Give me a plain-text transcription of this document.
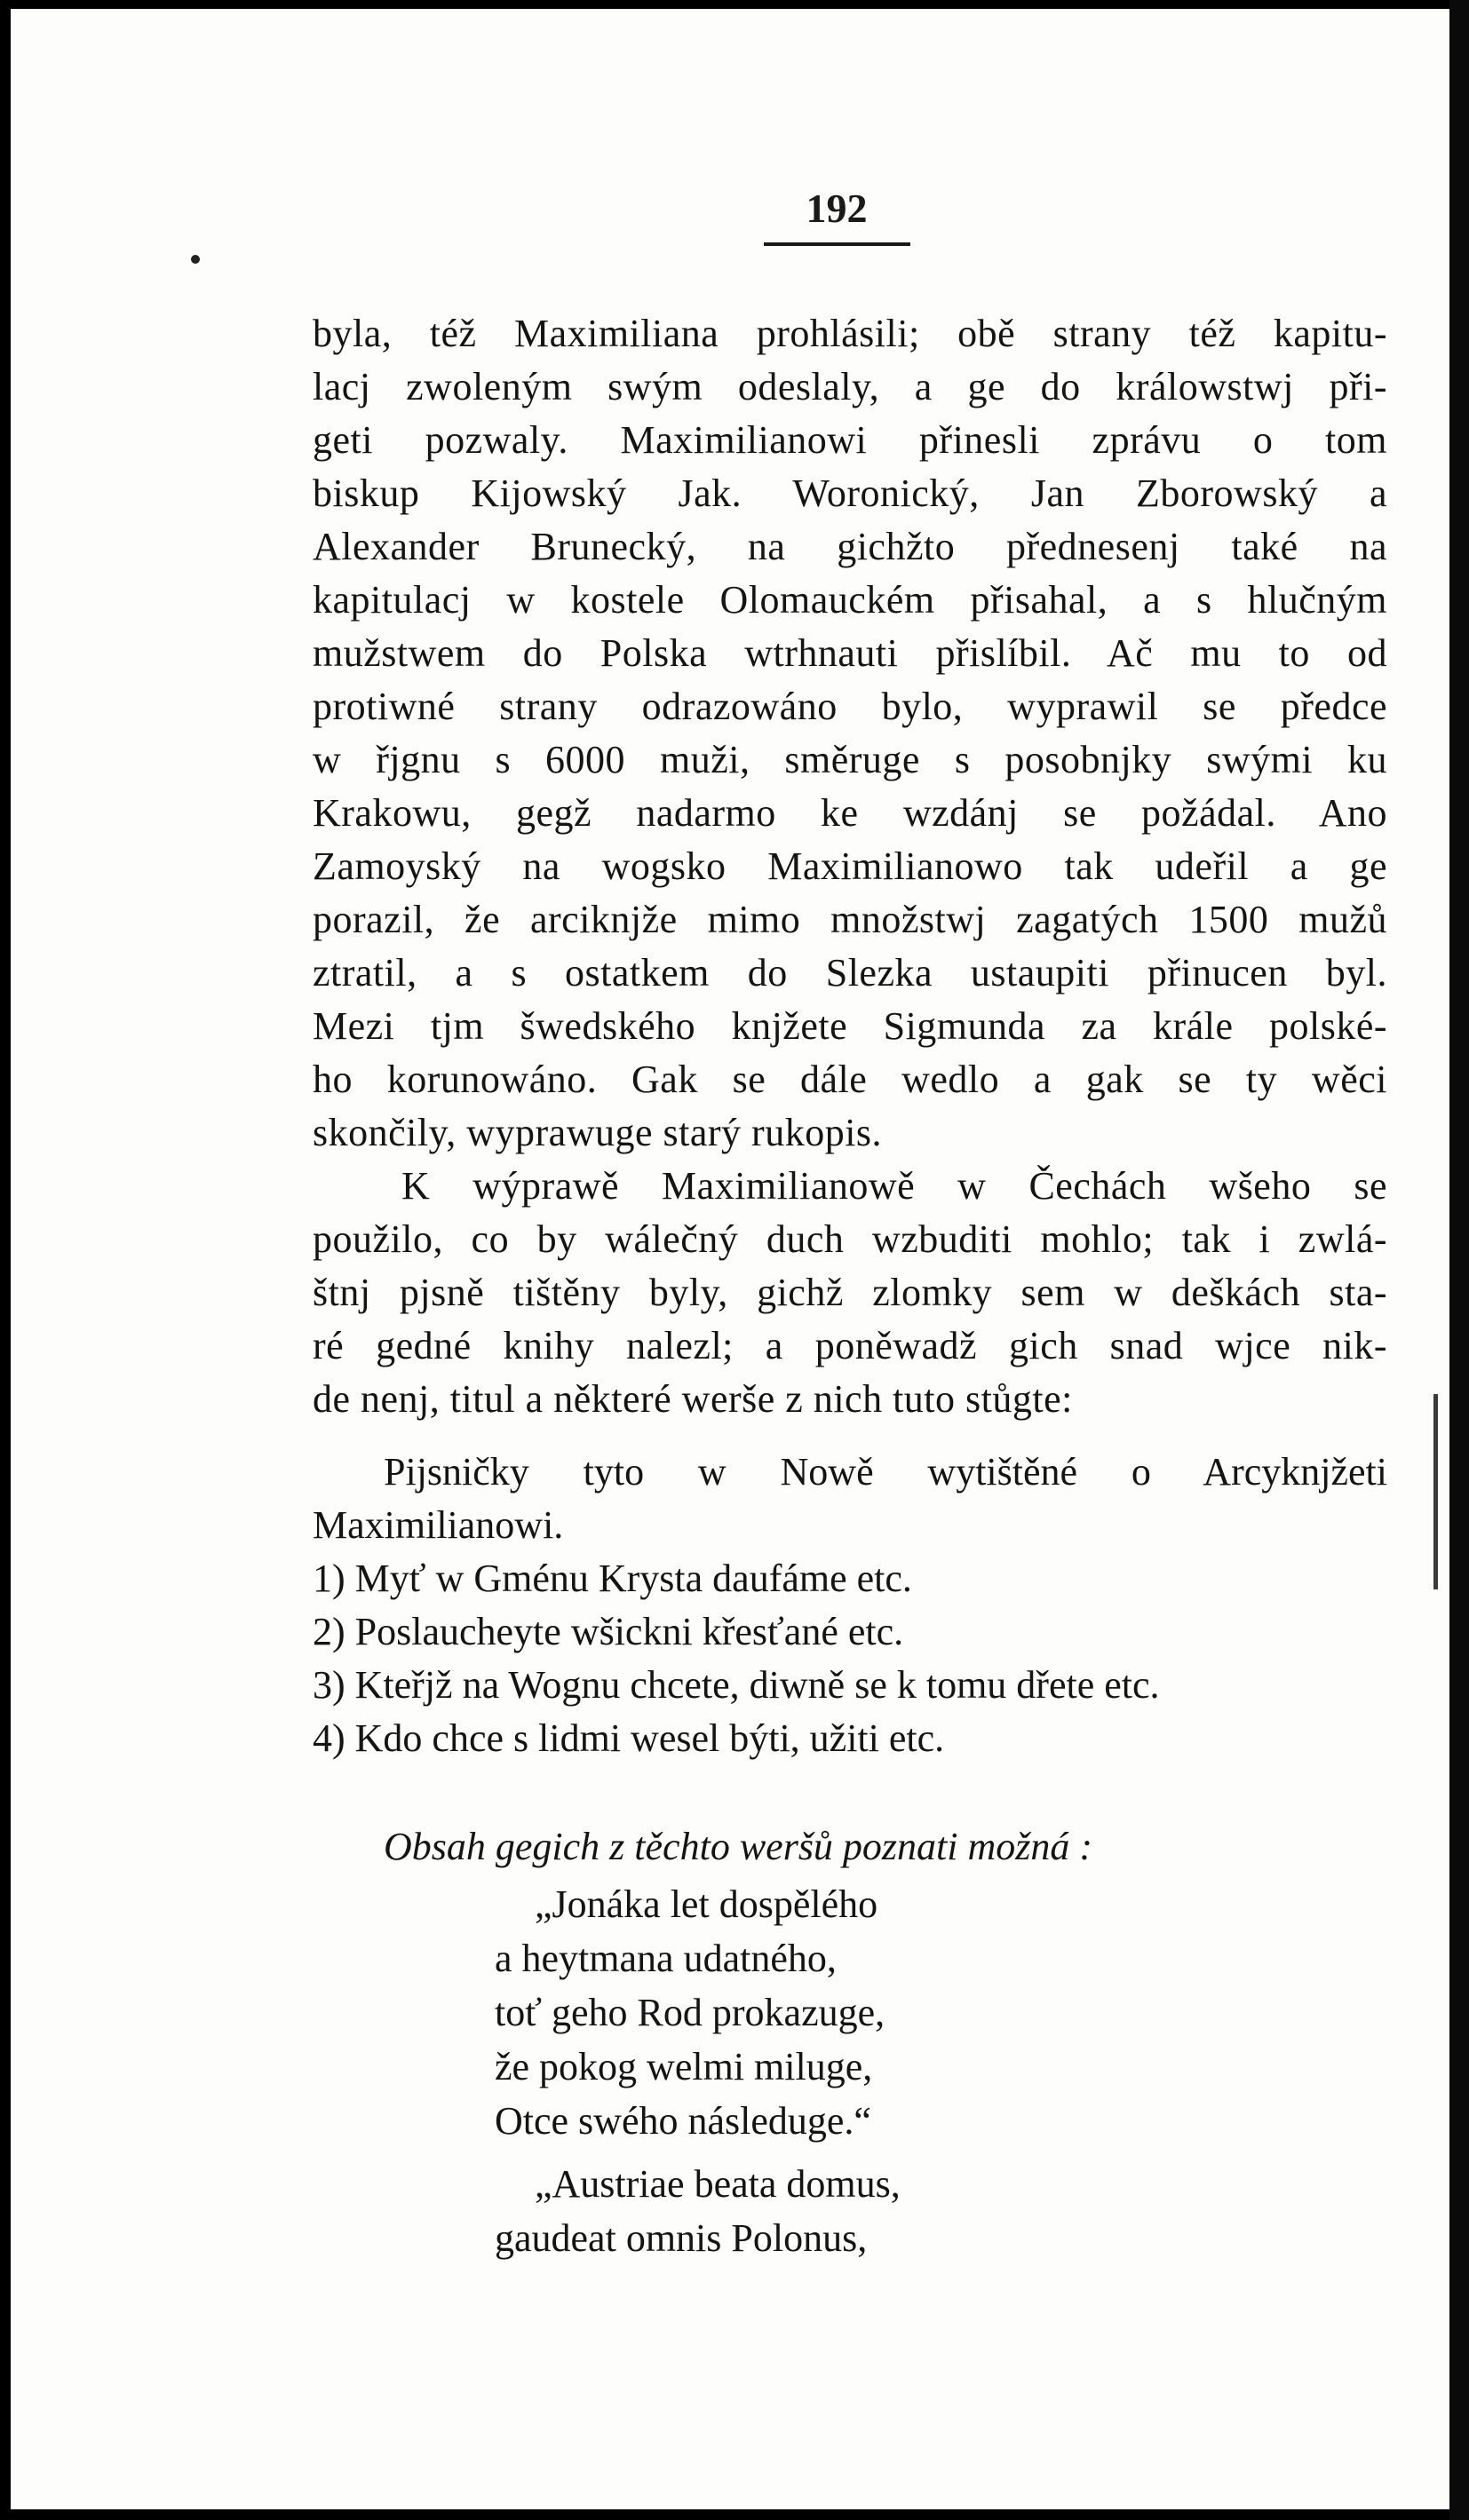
192
byla, též Maximiliana prohlásili; obě strany též kapitu-
lacj zwoleným swým odeslaly, a ge do králowstwj při-
geti pozwaly. Maximilianowi přinesli zprávu o tom
biskup Kijowský Jak. Woronický, Jan Zborowský a
Alexander Brunecký, na gichžto přednesenj také na
kapitulacj w kostele Olomauckém přisahal, a s hlučným
mužstwem do Polska wtrhnauti přislíbil. Ač mu to od
protiwné strany odrazowáno bylo, wyprawil se předce
w řjgnu s 6000 muži, směruge s posobnjky swými ku
Krakowu, gegž nadarmo ke wzdánj se požádal. Ano
Zamoyský na wogsko Maximilianowo tak udeřil a ge
porazil, že arciknjže mimo množstwj zagatých 1500 mužů
ztratil, a s ostatkem do Slezka ustaupiti přinucen byl.
Mezi tjm šwedského knjžete Sigmunda za krále polské-
ho korunowáno. Gak se dále wedlo a gak se ty wěci
skončily, wyprawuge starý rukopis.
K wýprawě Maximilianowě w Čechách wšeho se
použilo, co by wálečný duch wzbuditi mohlo; tak i zwlá-
štnj pjsně tištěny byly, gichž zlomky sem w deškách sta-
ré gedné knihy nalezl; a poněwadž gich snad wjce nik-
de nenj, titul a některé werše z nich tuto stůgte:
Pijsničky tyto w Nowě wytištěné o Arcyknjžeti
Maximilianowi.
1) Myť w Gménu Krysta daufáme etc.
2) Poslaucheyte wšickni křesťané etc.
3) Kteřjž na Wognu chcete, diwně se k tomu dřete etc.
4) Kdo chce s lidmi wesel býti, užiti etc.
Obsah gegich z těchto weršů poznati možná :
„Jonáka let dospělého
a heytmana udatného,
toť geho Rod prokazuge,
že pokog welmi miluge,
Otce swého následuge.“
„Austriae beata domus,
gaudeat omnis Polonus,
